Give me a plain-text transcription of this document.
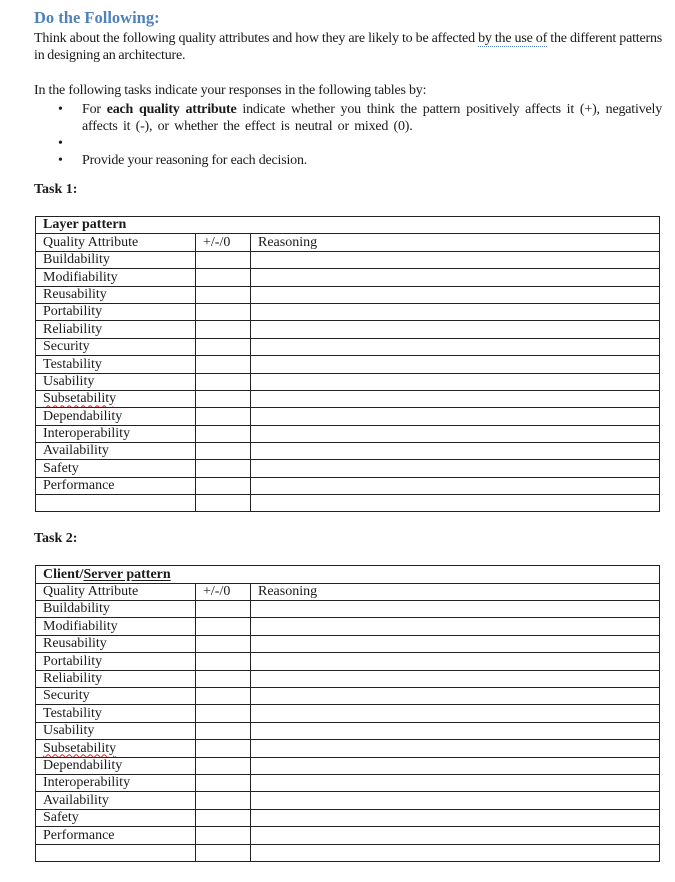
Do the Following:

Think about the following quality attributes and how they are likely to be affected by the use of the different patterns in designing an architecture.

In the following tasks indicate your responses in the following tables by:

• For each quality attribute indicate whether you think the pattern positively affects it (+), negatively affects it (-), or whether the effect is neutral or mixed (0).
•
• Provide your reasoning for each decision.

Task 1:

Layer pattern		
Quality Attribute	+/-/0	Reasoning
Buildability		
Modifiability		
Reusability		
Portability		
Reliability		
Security		
Testability		
Usability		
Subsetability		
Dependability		
Interoperability		
Availability		
Safety		
Performance		

Task 2:

Client/Server pattern		
Quality Attribute	+/-/0	Reasoning
Buildability		
Modifiability		
Reusability		
Portability		
Reliability		
Security		
Testability		
Usability		
Subsetability		
Dependability		
Interoperability		
Availability		
Safety		
Performance		
